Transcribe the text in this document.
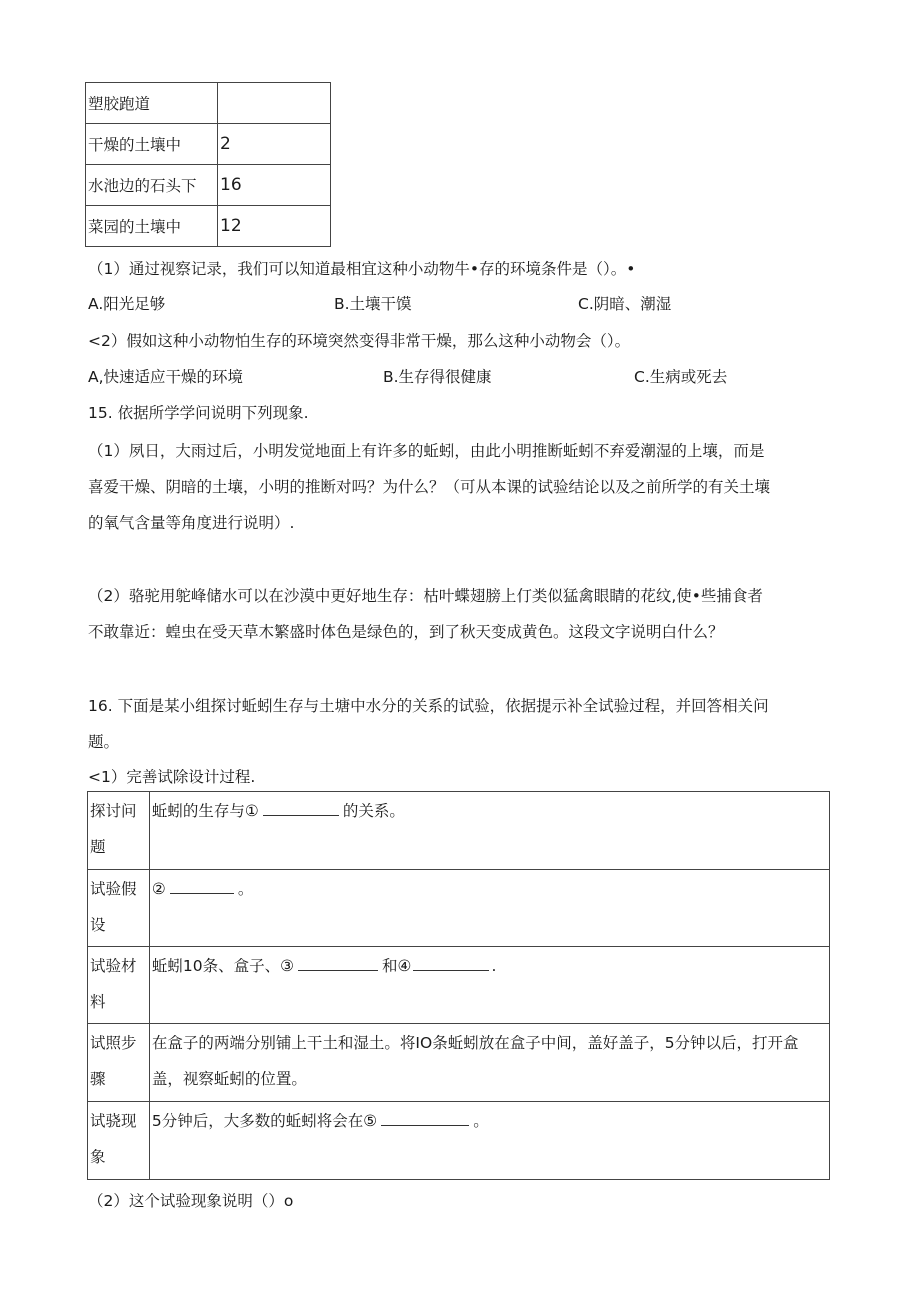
塑胶跑道	
干燥的土壤中	2
水池边的石头下	16
菜园的土壤中	12
（1）通过视察记录，我们可以知道最相宜这种小动物牛•存的环境条件是（）。•
A.阳光足够	B.土壤干馍	C.阴暗、潮湿
<2）假如这种小动物怕生存的环境突然变得非常干燥，那么这种小动物会（）。
A,快速适应干燥的环境	B.生存得很健康	C.生病或死去
15. 依据所学学问说明下列现象.
（1）夙日，大雨过后，小明发觉地面上有许多的蚯蚓，由此小明推断蚯蚓不弃爱潮湿的上壤，而是
喜爱干燥、阴暗的土壤，小明的推断对吗？为什么？（可从本课的试验结论以及之前所学的有关土壤
的氧气含量等角度进行说明）.
（2）骆驼用鸵峰储水可以在沙漠中更好地生存：枯叶蝶翅膀上仃类似猛禽眼睛的花纹,使•些捕食者
不敢靠近：蝗虫在受天草木繁盛时体色是绿色的，到了秋天变成黄色。这段文字说明白什么？
16. 下面是某小组探讨蚯蚓生存与土塘中水分的关系的试验，依据提示补全试验过程，并回答相关问
题。
<1）完善试除设计过程.
探讨问题	蚯蚓的生存与① 的关系。
试验假设	② 。
试验材料	蚯蚓10条、盒子、③ 和④ .
试照步骤	在盒子的两端分别铺上干土和湿土。将IO条蚯蚓放在盒子中间，盖好盖子，5分钟以后，打开盒盖，视察蚯蚓的位置。
试骁现象	5分钟后，大多数的蚯蚓将会在⑤ 。
（2）这个试验现象说明（）o
